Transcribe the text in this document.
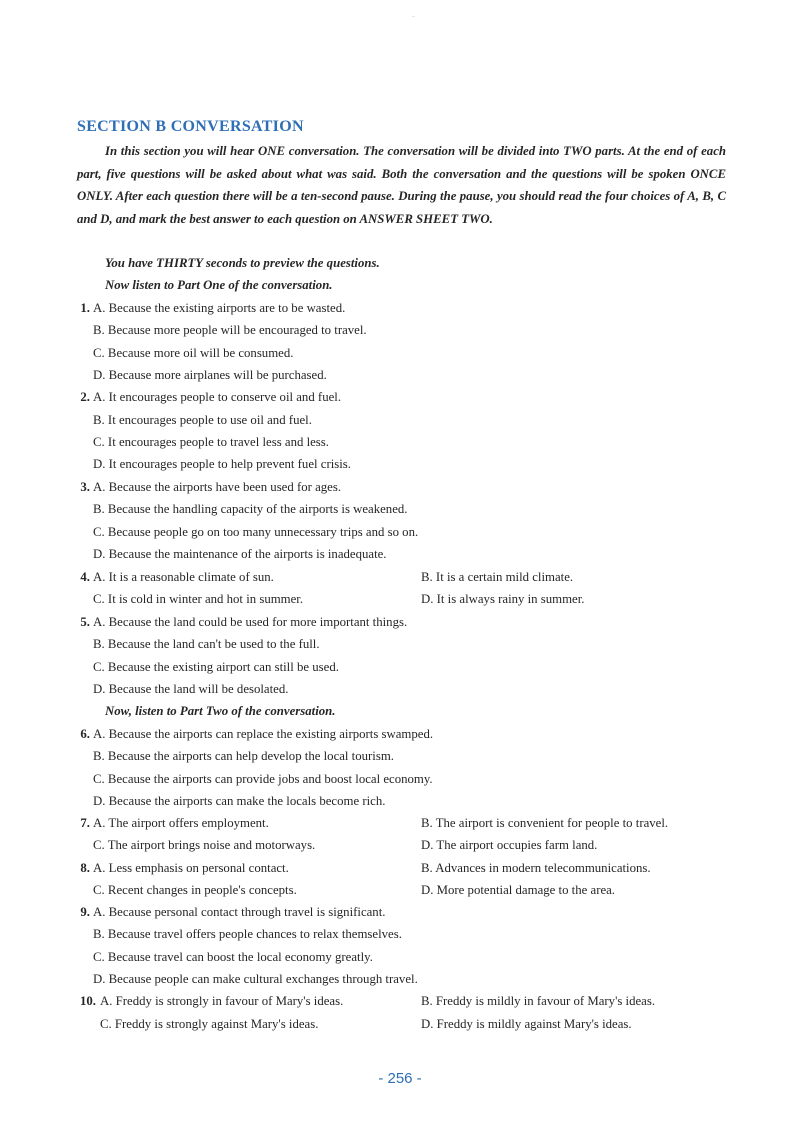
SECTION B CONVERSATION
In this section you will hear ONE conversation. The conversation will be divided into TWO parts. At the end of each part, five questions will be asked about what was said. Both the conversation and the questions will be spoken ONCE ONLY. After each question there will be a ten-second pause. During the pause, you should read the four choices of A, B, C and D, and mark the best answer to each question on ANSWER SHEET TWO.
You have THIRTY seconds to preview the questions.
Now listen to Part One of the conversation.
1. A. Because the existing airports are to be wasted.
B. Because more people will be encouraged to travel.
C. Because more oil will be consumed.
D. Because more airplanes will be purchased.
2. A. It encourages people to conserve oil and fuel.
B. It encourages people to use oil and fuel.
C. It encourages people to travel less and less.
D. It encourages people to help prevent fuel crisis.
3. A. Because the airports have been used for ages.
B. Because the handling capacity of the airports is weakened.
C. Because people go on too many unnecessary trips and so on.
D. Because the maintenance of the airports is inadequate.
4. A. It is a reasonable climate of sun.	B. It is a certain mild climate.
C. It is cold in winter and hot in summer.	D. It is always rainy in summer.
5. A. Because the land could be used for more important things.
B. Because the land can't be used to the full.
C. Because the existing airport can still be used.
D. Because the land will be desolated.
Now, listen to Part Two of the conversation.
6. A. Because the airports can replace the existing airports swamped.
B. Because the airports can help develop the local tourism.
C. Because the airports can provide jobs and boost local economy.
D. Because the airports can make the locals become rich.
7. A. The airport offers employment.	B. The airport is convenient for people to travel.
C. The airport brings noise and motorways.	D. The airport occupies farm land.
8. A. Less emphasis on personal contact.	B. Advances in modern telecommunications.
C. Recent changes in people's concepts.	D. More potential damage to the area.
9. A. Because personal contact through travel is significant.
B. Because travel offers people chances to relax themselves.
C. Because travel can boost the local economy greatly.
D. Because people can make cultural exchanges through travel.
10. A. Freddy is strongly in favour of Mary's ideas.	B. Freddy is mildly in favour of Mary's ideas.
C. Freddy is strongly against Mary's ideas.	D. Freddy is mildly against Mary's ideas.
- 256 -
